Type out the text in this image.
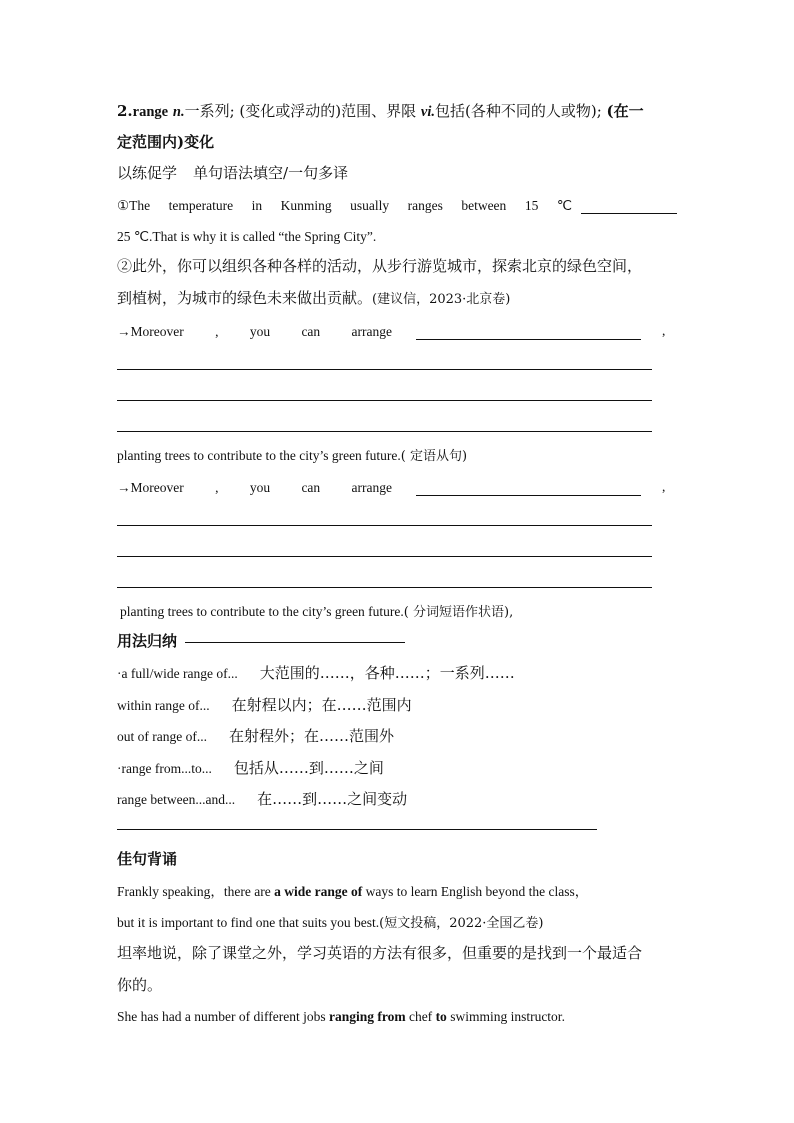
2.range n.一系列; (变化或浮动的)范围、界限 vi.包括(各种不同的人或物); (在一
定范围内)变化
以练促学 单句语法填空/一句多译
①The temperature in Kunming usually ranges between 15 ℃
25 ℃.That is why it is called “the Spring City”.
②此外，你可以组织各种各样的活动，从步行游览城市，探索北京的绿色空间，
到植树，为城市的绿色未来做出贡献。(建议信，2023·北京卷)
→Moreover , you can arrange	,
planting trees to contribute to the city’s green future.( 定语从句)
→Moreover , you can arrange	,
planting trees to contribute to the city’s green future.( 分词短语作状语),
用法归纳
·a full/wide range of... 大范围的……，各种……；一系列……
within range of... 在射程以内；在……范围内
out of range of... 在射程外；在……范围外
·range from...to... 包括从……到……之间
range between...and... 在……到……之间变动
佳句背诵
Frankly speaking，there are a wide range of ways to learn English beyond the class，
but it is important to find one that suits you best.(短文投稿，2022·全国乙卷)
坦率地说，除了课堂之外，学习英语的方法有很多，但重要的是找到一个最适合
你的。
She has had a number of different jobs ranging from chef to swimming instructor.
